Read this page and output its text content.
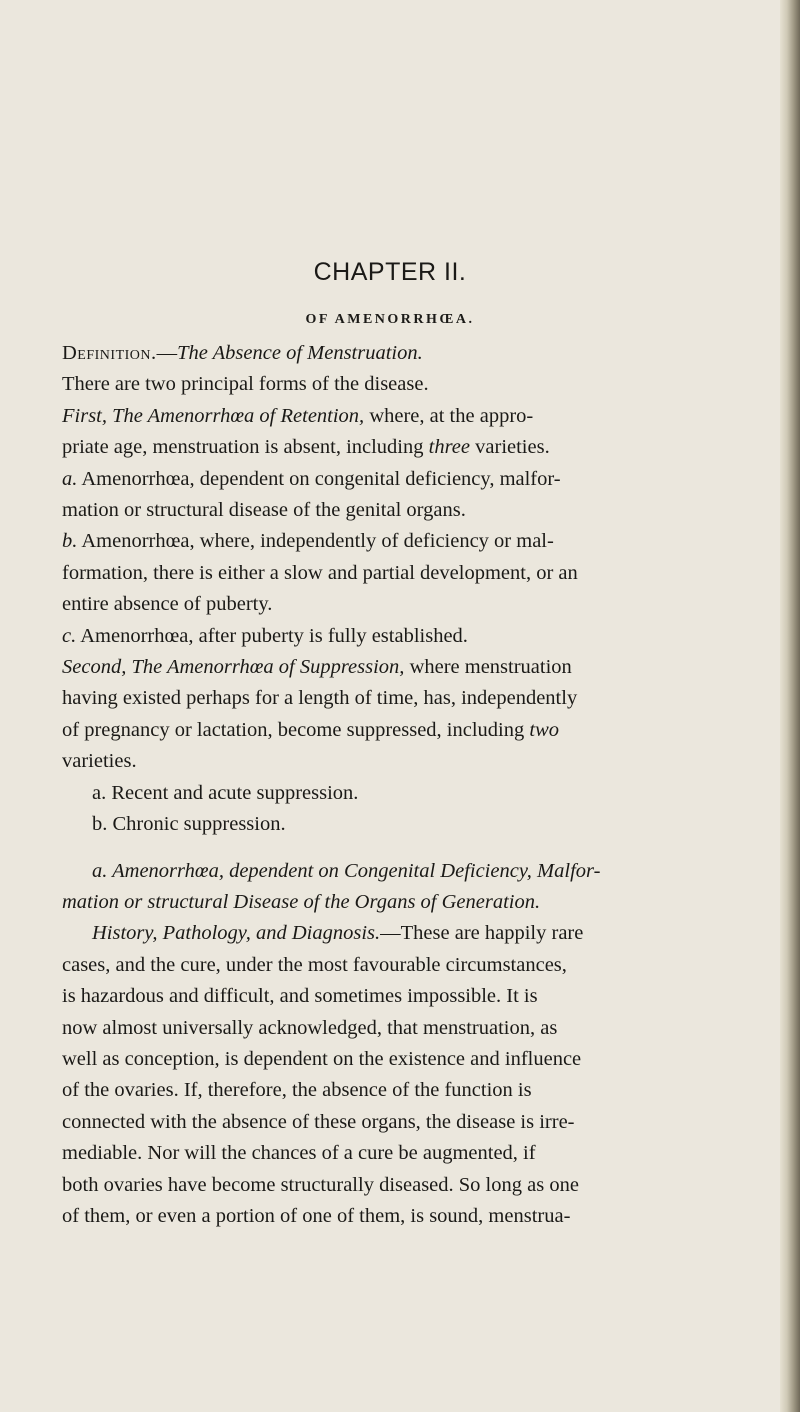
CHAPTER II.
OF AMENORRHŒA.

Definition.—The Absence of Menstruation.
There are two principal forms of the disease.
First, The Amenorrhœa of Retention, where, at the appro-
priate age, menstruation is absent, including three varieties.
a. Amenorrhœa, dependent on congenital deficiency, malfor-
mation or structural disease of the genital organs.
b. Amenorrhœa, where, independently of deficiency or mal-
formation, there is either a slow and partial development, or an
entire absence of puberty.
c. Amenorrhœa, after puberty is fully established.
Second, The Amenorrhœa of Suppression, where menstruation
having existed perhaps for a length of time, has, independently
of pregnancy or lactation, become suppressed, including two
varieties.
a. Recent and acute suppression.
b. Chronic suppression.

a. Amenorrhœa, dependent on Congenital Deficiency, Malfor-
mation or structural Disease of the Organs of Generation.
History, Pathology, and Diagnosis.—These are happily rare
cases, and the cure, under the most favourable circumstances,
is hazardous and difficult, and sometimes impossible. It is
now almost universally acknowledged, that menstruation, as
well as conception, is dependent on the existence and influence
of the ovaries. If, therefore, the absence of the function is
connected with the absence of these organs, the disease is irre-
mediable. Nor will the chances of a cure be augmented, if
both ovaries have become structurally diseased. So long as one
of them, or even a portion of one of them, is sound, menstrua-
